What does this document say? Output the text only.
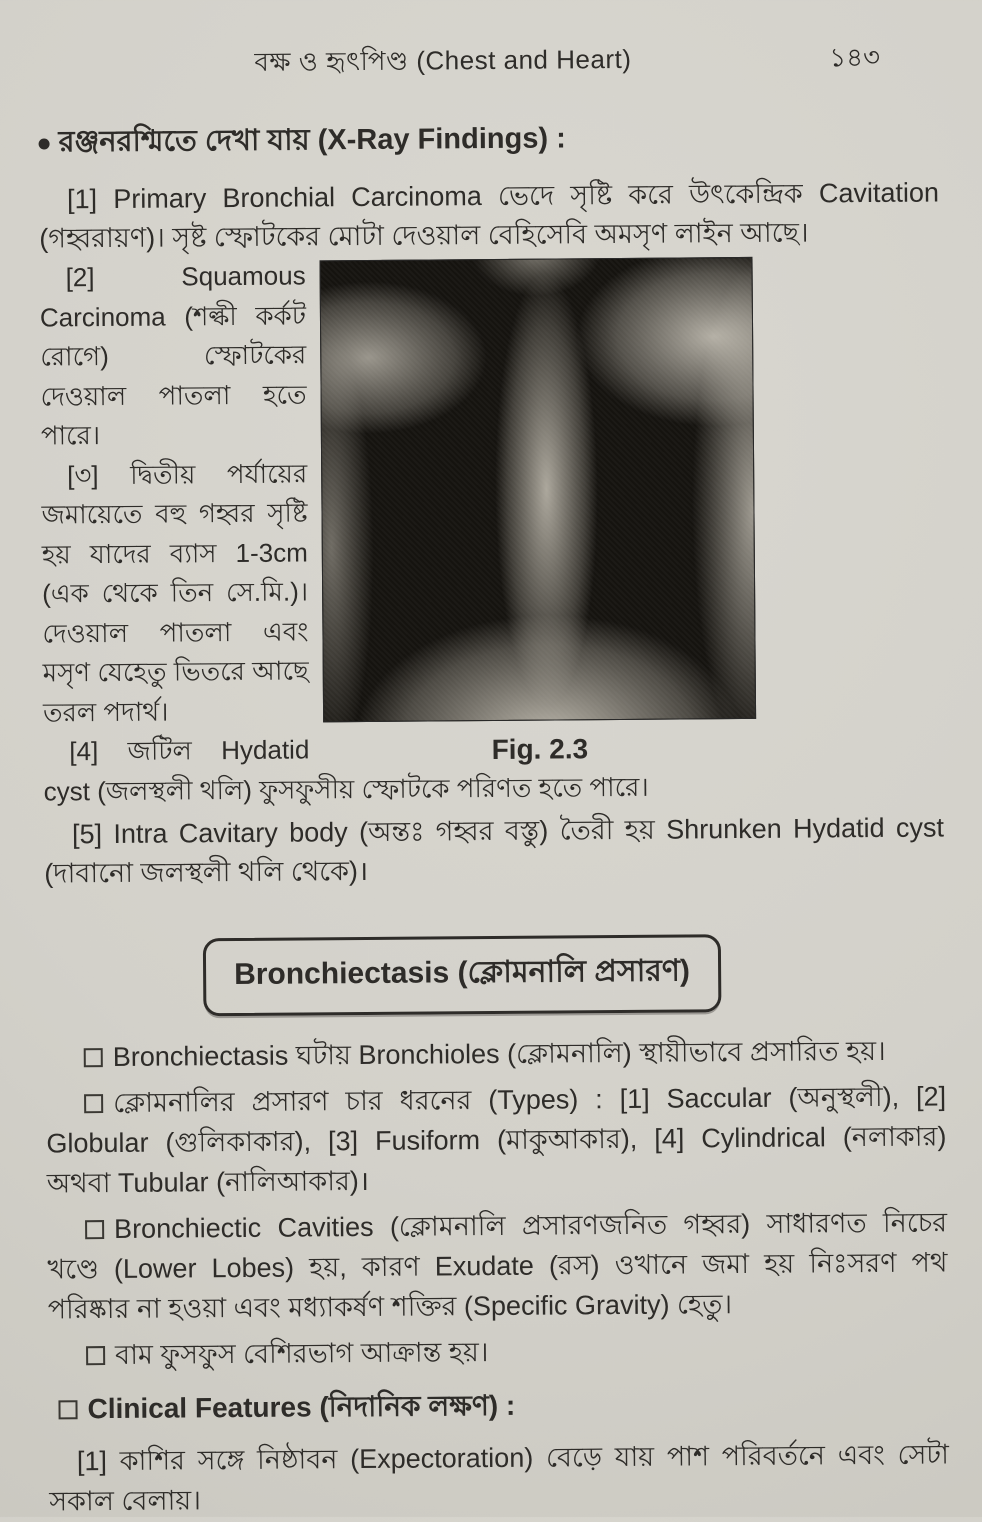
বক্ষ ও হৃৎপিণ্ড (Chest and Heart)	১৪৩
রঞ্জনরশ্মিতে দেখা যায় (X-Ray Findings) :

[1] Primary Bronchial Carcinoma ভেদে সৃষ্টি করে উৎকেন্দ্রিক Cavitation (গহ্বরায়ণ)। সৃষ্ট স্ফোটকের মোটা দেওয়াল বেহিসেবি অমসৃণ লাইন আছে।

Fig. 2.3

[2] Squamous Carcinoma (শল্কী কর্কট রোগে) স্ফোটকের দেওয়াল পাতলা হতে পারে।

[৩] দ্বিতীয় পর্যায়ের জমায়েতে বহু গহ্বর সৃষ্টি হয় যাদের ব্যাস 1-3cm (এক থেকে তিন সে.মি.)। দেওয়াল পাতলা এবং মসৃণ যেহেতু ভিতরে আছে তরল পদার্থ।

[4] জটিল Hydatid cyst (জলস্থলী থলি) ফুসফুসীয় স্ফোটকে পরিণত হতে পারে।

[5] Intra Cavitary body (অন্তঃ গহ্বর বস্তু) তৈরী হয় Shrunken Hydatid cyst (দাবানো জলস্থলী থলি থেকে)।

Bronchiectasis (ক্লোমনালি প্রসারণ)

Bronchiectasis ঘটায় Bronchioles (ক্লোমনালি) স্থায়ীভাবে প্রসারিত হয়।

ক্লোমনালির প্রসারণ চার ধরনের (Types) : [1] Saccular (অনুস্থলী), [2] Globular (গুলিকাকার), [3] Fusiform (মাকুআকার), [4] Cylindrical (নলাকার) অথবা Tubular (নালিআকার)।

Bronchiectic Cavities (ক্লোমনালি প্রসারণজনিত গহ্বর) সাধারণত নিচের খণ্ডে (Lower Lobes) হয়, কারণ Exudate (রস) ওখানে জমা হয় নিঃসরণ পথ পরিষ্কার না হওয়া এবং মধ্যাকর্ষণ শক্তির (Specific Gravity) হেতু।

বাম ফুসফুস বেশিরভাগ আক্রান্ত হয়।

Clinical Features (নিদানিক লক্ষণ) :

[1] কাশির সঙ্গে নিষ্ঠাবন (Expectoration) বেড়ে যায় পাশ পরিবর্তনে এবং সেটা সকাল বেলায়।
